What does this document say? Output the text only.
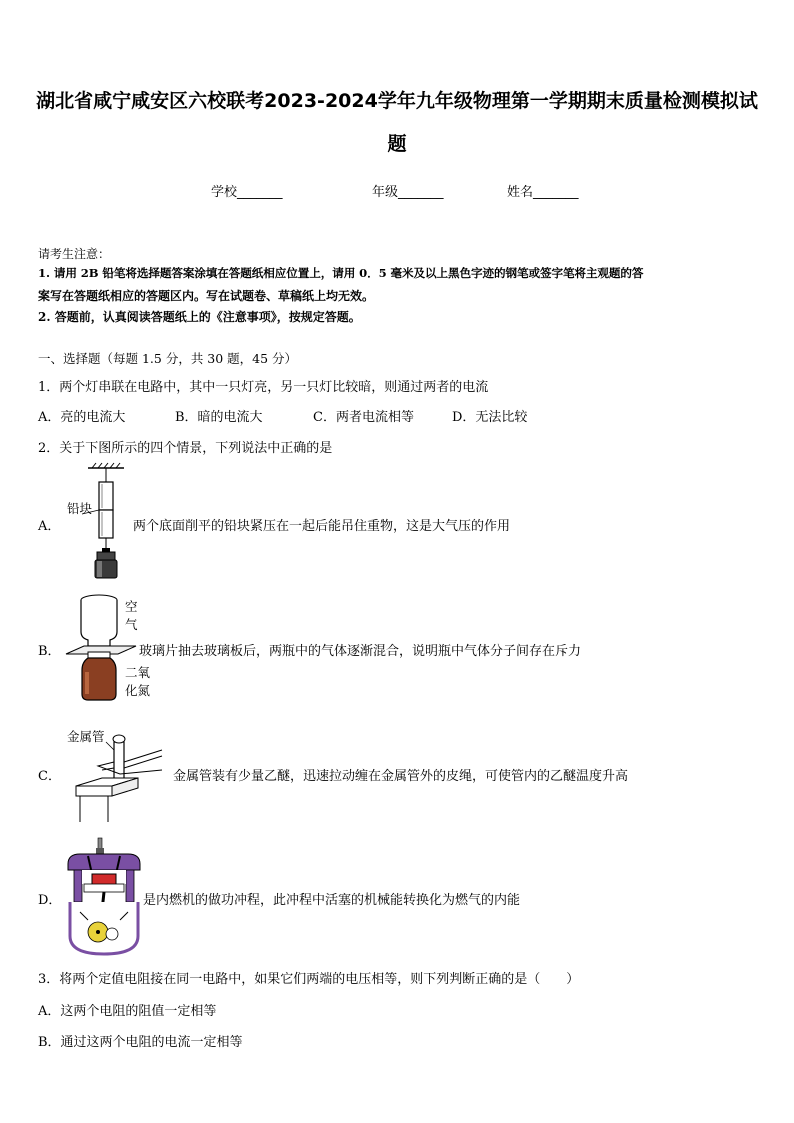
湖北省咸宁咸安区六校联考2023-2024学年九年级物理第一学期期末质量检测模拟试
题
学校_______	年级_______	姓名_______
请考生注意：
1. 请用 2B 铅笔将选择题答案涂填在答题纸相应位置上，请用 0．5 毫米及以上黑色字迹的钢笔或签字笔将主观题的答
案写在答题纸相应的答题区内。写在试题卷、草稿纸上均无效。
2. 答题前，认真阅读答题纸上的《注意事项》，按规定答题。
一、选择题（每题 1.5 分，共 30 题，45 分）
1．两个灯串联在电路中，其中一只灯亮，另一只灯比较暗，则通过两者的电流
A．亮的电流大	B．暗的电流大	C．两者电流相等	D．无法比较
2．关于下图所示的四个情景，下列说法中正确的是
A．
铅块
两个底面削平的铅块紧压在一起后能吊住重物，这是大气压的作用
B．
空
气
二氧
化氮
玻璃片抽去玻璃板后，两瓶中的气体逐渐混合，说明瓶中气体分子间存在斥力
C．
金属管
金属管装有少量乙醚，迅速拉动缠在金属管外的皮绳，可使管内的乙醚温度升高
D．	是内燃机的做功冲程，此冲程中活塞的机械能转换化为燃气的内能
3．将两个定值电阻接在同一电路中，如果它们两端的电压相等，则下列判断正确的是（　　）
A．这两个电阻的阻值一定相等
B．通过这两个电阻的电流一定相等
